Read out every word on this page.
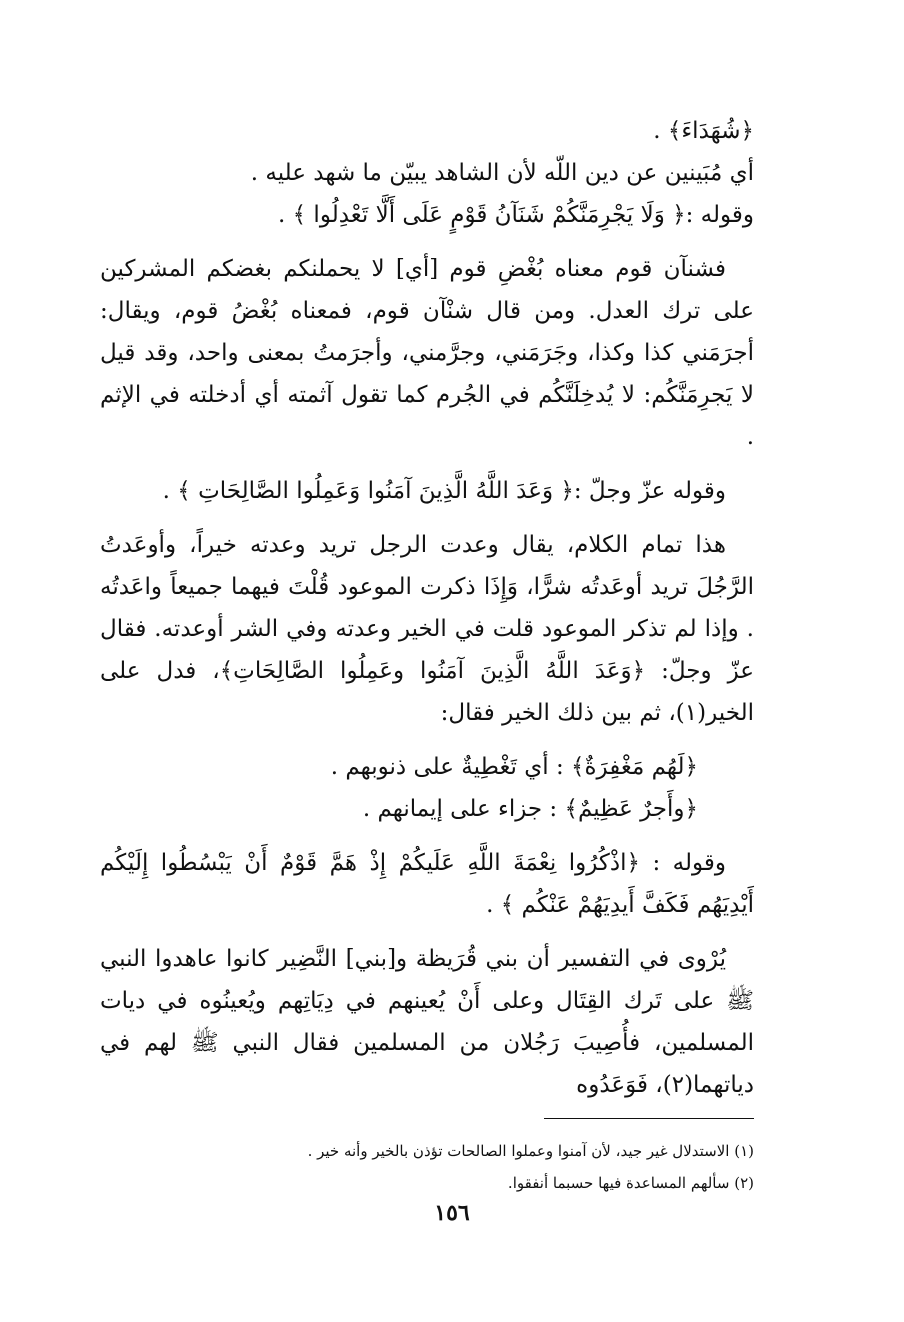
﴿شُهَدَاءَ﴾ .

أي مُبَينين عن دين اللّه لأن الشاهد يبيّن ما شهد عليه .

وقوله :﴿ وَلَا يَجْرِمَنَّكُمْ شَنَآنُ قَوْمٍ عَلَى أَلَّا تَعْدِلُوا ﴾ .

فشنآن قوم معناه بُغْضِ قوم [أي] لا يحملنكم بغضكم المشركين على ترك العدل. ومن قال شنْآن قوم، فمعناه بُغْضُ قوم، ويقال: أجرَمَني كذا وكذا، وجَرَمَني، وجرَّمني، وأجرَمتُ بمعنى واحد، وقد قيل لا يَجرِمَنَّكُم: لا يُدخِلَنَّكُم في الجُرم كما تقول آثمته أي أدخلته في الإثم .

وقوله عزّ وجلّ :﴿ وَعَدَ اللَّهُ الَّذِينَ آمَنُوا وَعَمِلُوا الصَّالِحَاتِ ﴾ .

هذا تمام الكلام، يقال وعدت الرجل تريد وعدته خيراً، وأوعَدتُ الرَّجُلَ تريد أوعَدتُه شرًّا، وَإِذَا ذكرت الموعود قُلْتَ فيهما جميعاً واعَدتُه . وإذا لم تذكر الموعود قلت في الخير وعدته وفي الشر أوعدته. فقال عزّ وجلّ: ﴿وَعَدَ اللَّهُ الَّذِينَ آمَنُوا وعَمِلُوا الصَّالِحَاتِ﴾، فدل على الخير(١)، ثم بين ذلك الخير فقال:

﴿لَهُم مَغْفِرَةٌ﴾ : أي تَغْطِيةٌ على ذنوبهم .

﴿وأَجرٌ عَظِيمٌ﴾ : جزاء على إيمانهم .

وقوله : ﴿اذْكُرُوا نِعْمَةَ اللَّهِ عَلَيكُمْ إِذْ هَمَّ قَوْمٌ أَنْ يَبْسُطُوا إِلَيْكُم أَيْدِيَهُم فَكَفَّ أَيدِيَهُمْ عَنْكُم ﴾ .

يُرْوى في التفسير أن بني قُرَيظة و[بني] النَّضِير كانوا عاهدوا النبي ﷺ على تَرك القِتَال وعلى أَنْ يُعينهم في دِيَاتِهم ويُعينُوه في ديات المسلمين، فأُصِيبَ رَجُلان من المسلمين فقال النبي ﷺ لهم في دياتهما(٢)، فَوَعَدُوه

(١) الاستدلال غير جيد، لأن آمنوا وعملوا الصالحات تؤذن بالخير وأنه خير .

(٢) سألهم المساعدة فيها حسبما أنفقوا.

١٥٦
